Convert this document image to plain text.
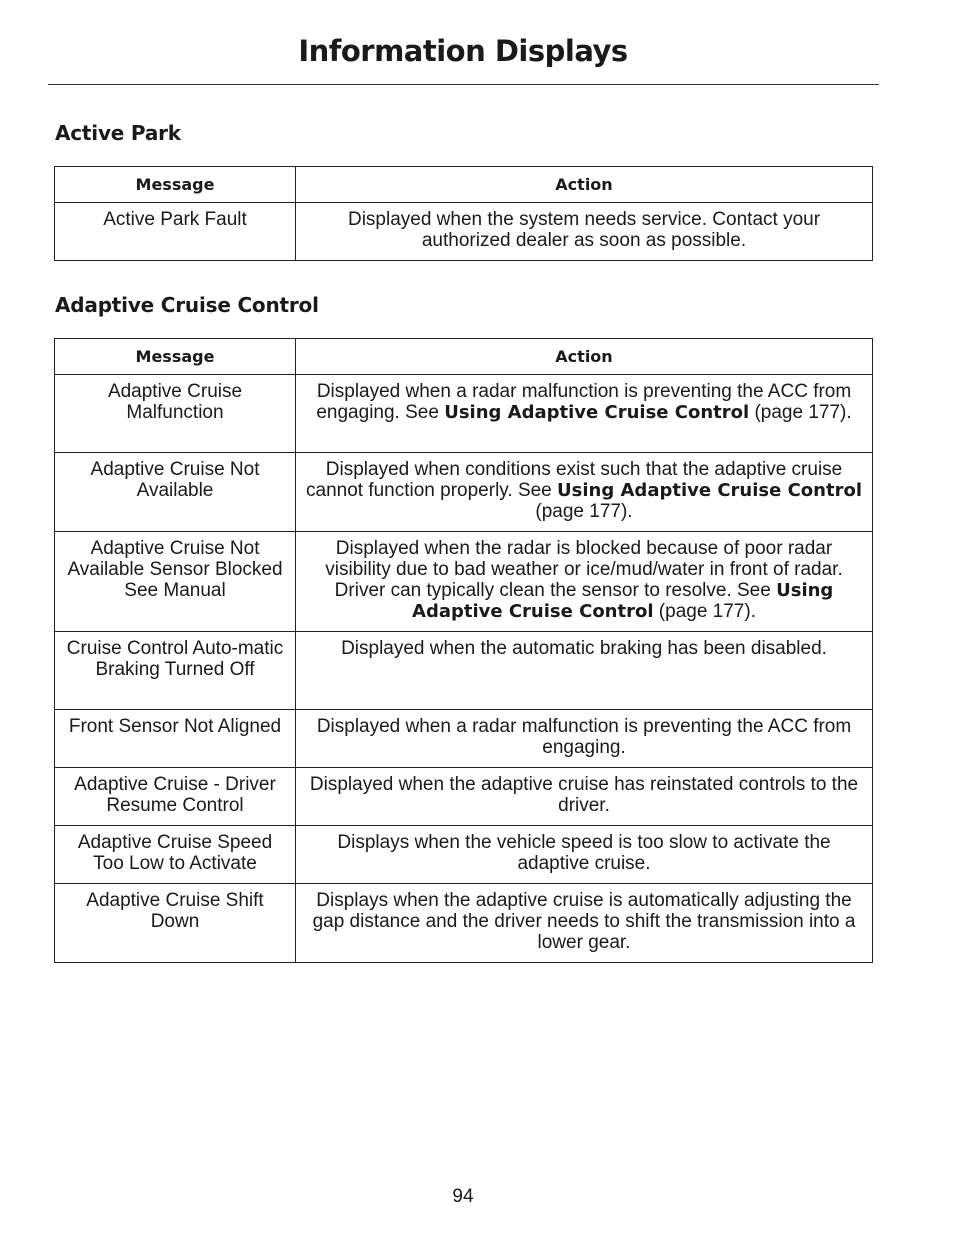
Information Displays
Active Park
Message	Action
Active Park Fault	Displayed when the system needs service. Contact your authorized dealer as soon as possible.
Adaptive Cruise Control
Message	Action
Adaptive Cruise Malfunction	Displayed when a radar malfunction is preventing the ACC from engaging. See Using Adaptive Cruise Control (page 177).
Adaptive Cruise Not Available	Displayed when conditions exist such that the adaptive cruise cannot function properly. See Using Adaptive Cruise Control (page 177).
Adaptive Cruise Not Available Sensor Blocked See Manual	Displayed when the radar is blocked because of poor radar visibility due to bad weather or ice/mud/water in front of radar. Driver can typically clean the sensor to resolve. See Using Adaptive Cruise Control (page 177).
Cruise Control Auto-matic Braking Turned Off	Displayed when the automatic braking has been disabled.
Front Sensor Not Aligned	Displayed when a radar malfunction is preventing the ACC from engaging.
Adaptive Cruise - Driver Resume Control	Displayed when the adaptive cruise has reinstated controls to the driver.
Adaptive Cruise Speed Too Low to Activate	Displays when the vehicle speed is too slow to activate the adaptive cruise.
Adaptive Cruise Shift Down	Displays when the adaptive cruise is automatically adjusting the gap distance and the driver needs to shift the transmission into a lower gear.
94
